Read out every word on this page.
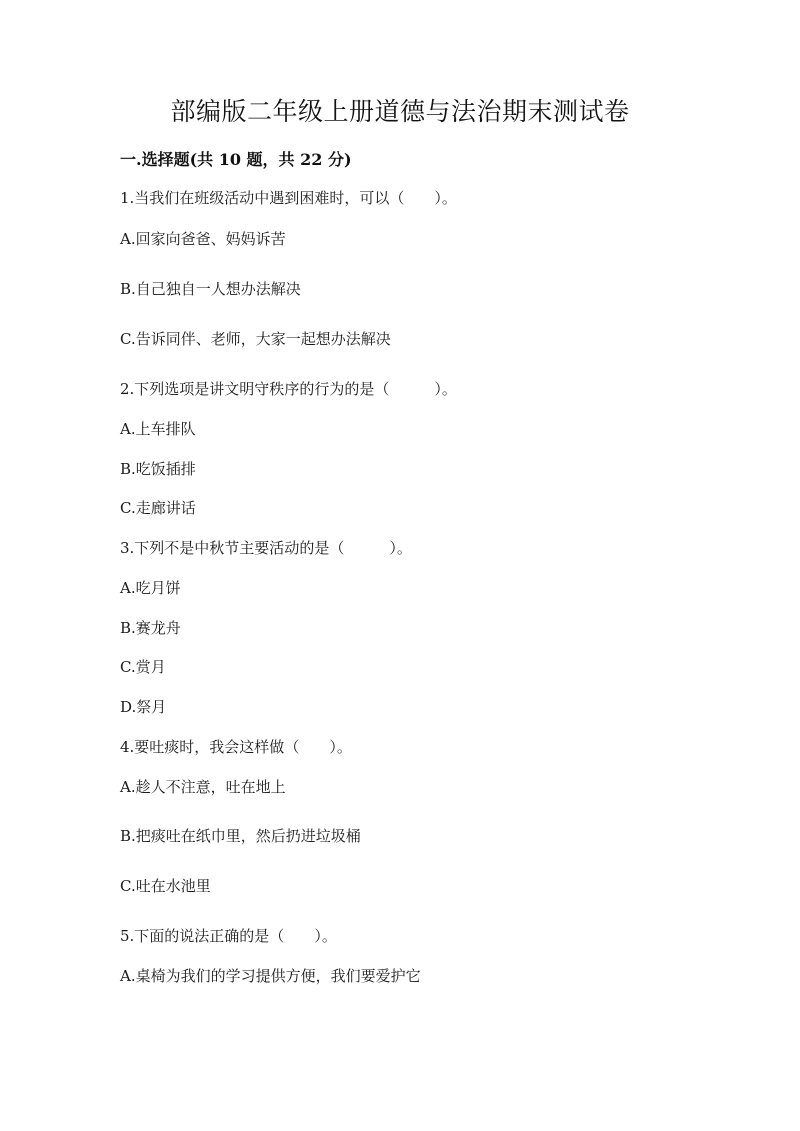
部编版二年级上册道德与法治期末测试卷
一.选择题(共 10 题，共 22 分)
1.当我们在班级活动中遇到困难时，可以（　　）。
A.回家向爸爸、妈妈诉苦
B.自己独自一人想办法解决
C.告诉同伴、老师，大家一起想办法解决
2.下列选项是讲文明守秩序的行为的是（　　　）。
A.上车排队
B.吃饭插排
C.走廊讲话
3.下列不是中秋节主要活动的是（　　　）。
A.吃月饼
B.赛龙舟
C.赏月
D.祭月
4.要吐痰时，我会这样做（　　）。
A.趁人不注意，吐在地上
B.把痰吐在纸巾里，然后扔进垃圾桶
C.吐在水池里
5.下面的说法正确的是（　　）。
A.桌椅为我们的学习提供方便，我们要爱护它
